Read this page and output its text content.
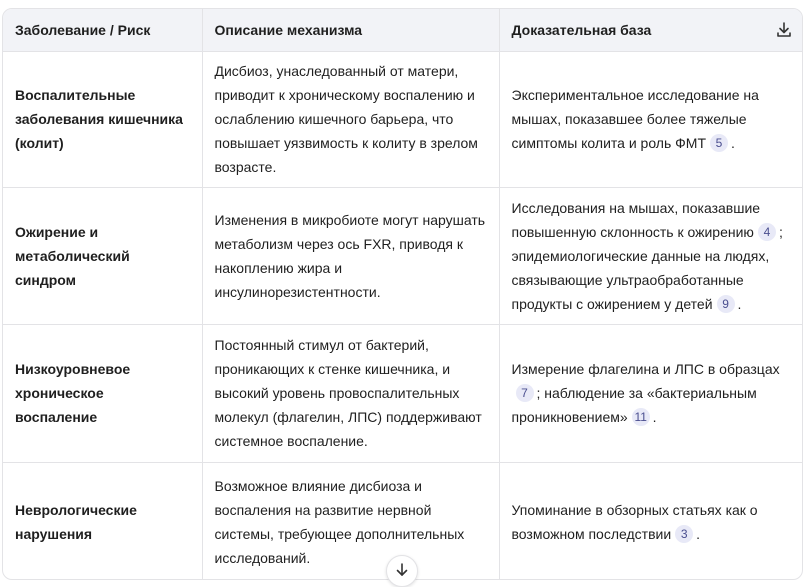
Заболевание / Риск	Описание механизма	Доказательная база

Воспалительные заболевания кишечника (колит)	Дисбиоз, унаследованный от матери, приводит к хроническому воспалению и ослаблению кишечного барьера, что повышает уязвимость к колиту в зрелом возрасте.	Экспериментальное исследование на мышах, показавшее более тяжелые симптомы колита и роль ФМТ 5 .
Ожирение и метаболический синдром	Изменения в микробиоте могут нарушать метаболизм через ось FXR, приводя к накоплению жира и инсулинорезистентности.	Исследования на мышах, показавшие повышенную склонность к ожирению 4 ; эпидемиологические данные на людях, связывающие ультраобработанные продукты с ожирением у детей 9 .
Низкоуровневое хроническое воспаление	Постоянный стимул от бактерий, проникающих к стенке кишечника, и высокий уровень провоспалительных молекул (флагелин, ЛПС) поддерживают системное воспаление.	Измерение флагелина и ЛПС в образцах7 ; наблюдение за «бактериальным проникновением» 11 .
Неврологические нарушения	Возможное влияние дисбиоза и воспаления на развитие нервной системы, требующее дополнительных исследований.	Упоминание в обзорных статьях как о возможном последствии 3 .
